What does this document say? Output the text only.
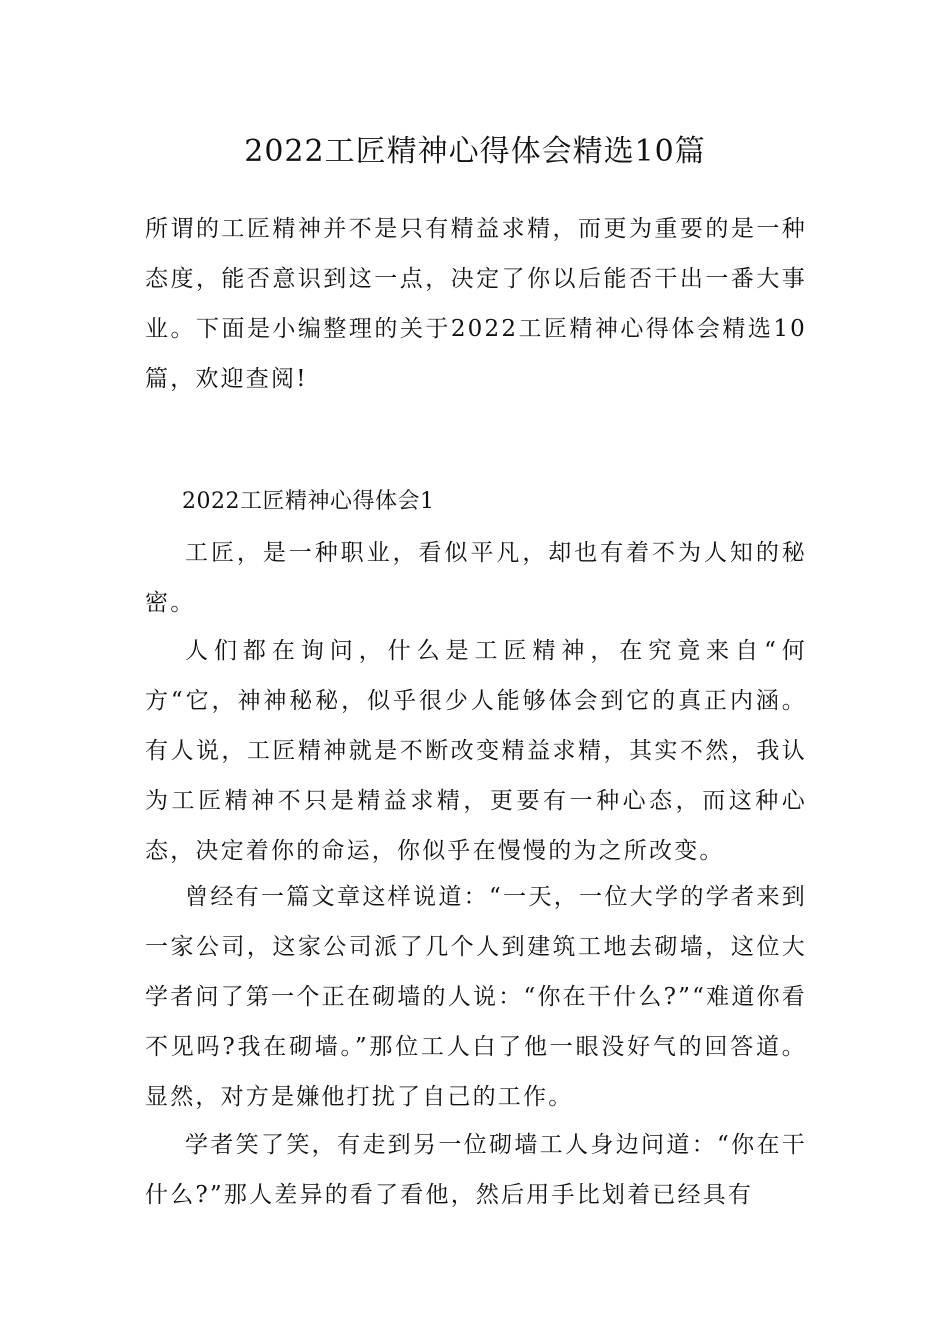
2022工匠精神心得体会精选10篇

所谓的工匠精神并不是只有精益求精，而更为重要的是一种态度，能否意识到这一点，决定了你以后能否干出一番大事业。下面是小编整理的关于2022工匠精神心得体会精选10篇，欢迎查阅!

2022工匠精神心得体会1

工匠，是一种职业，看似平凡，却也有着不为人知的秘密。

人们都在询问，什么是工匠精神，在究竟来自“何方“它，神神秘秘，似乎很少人能够体会到它的真正内涵。有人说，工匠精神就是不断改变精益求精，其实不然，我认为工匠精神不只是精益求精，更要有一种心态，而这种心态，决定着你的命运，你似乎在慢慢的为之所改变。

曾经有一篇文章这样说道：“一天，一位大学的学者来到一家公司，这家公司派了几个人到建筑工地去砌墙，这位大学者问了第一个正在砌墙的人说：“你在干什么?”“难道你看不见吗?我在砌墙。”那位工人白了他一眼没好气的回答道。显然，对方是嫌他打扰了自己的工作。

学者笑了笑，有走到另一位砌墙工人身边问道：“你在干什么?”那人差异的看了看他，然后用手比划着已经具有
